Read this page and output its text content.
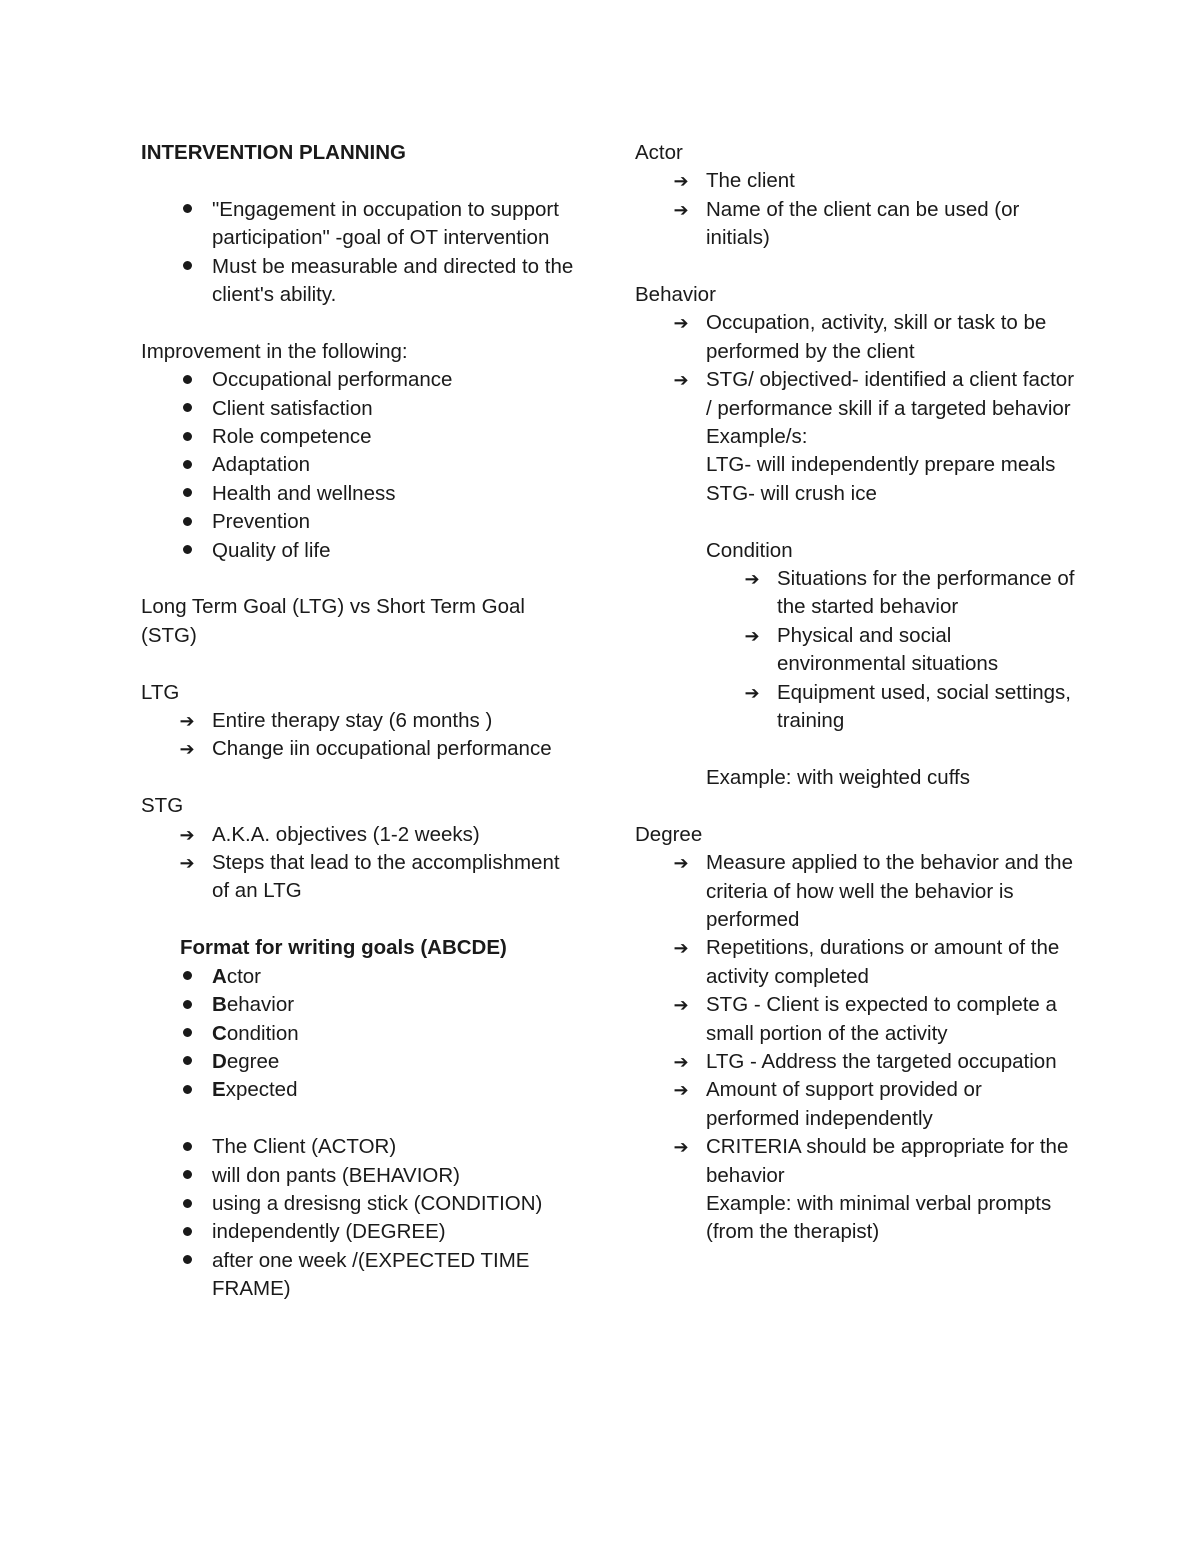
INTERVENTION PLANNING

"Engagement in occupation to support participation" -goal of OT intervention

Must be measurable and directed to the client's ability.

Improvement in the following:

Occupational performance

Client satisfaction

Role competence

Adaptation

Health and wellness

Prevention

Quality of life

Long Term Goal (LTG) vs Short Term Goal (STG)

LTG

➔ Entire therapy stay (6 months )

➔ Change iin occupational performance

STG

➔ A.K.A. objectives (1-2 weeks)

➔ Steps that lead to the accomplishment of an LTG

Format for writing goals (ABCDE)

Actor

Behavior

Condition

Degree

Expected

The Client (ACTOR)

will don pants (BEHAVIOR)

using a dresisng stick (CONDITION)

independently (DEGREE)

after one week /(EXPECTED TIME FRAME)

Actor

➔ The client

➔ Name of the client can be used (or initials)

Behavior

➔ Occupation, activity, skill or task to be performed by the client

➔ STG/ objectived- identified a client factor / performance skill if a targeted behavior

Example/s:

LTG- will independently prepare meals

STG- will crush ice

Condition

➔ Situations for the performance of the started behavior

➔ Physical and social environmental situations

➔ Equipment used, social settings, training

Example: with weighted cuffs

Degree

➔ Measure applied to the behavior and the criteria of how well the behavior is performed

➔ Repetitions, durations or amount of the activity completed

➔ STG - Client is expected to complete a small portion of the activity

➔ LTG - Address the targeted occupation

➔ Amount of support provided or performed independently

➔ CRITERIA should be appropriate for the behavior

Example: with minimal verbal prompts (from the therapist)
